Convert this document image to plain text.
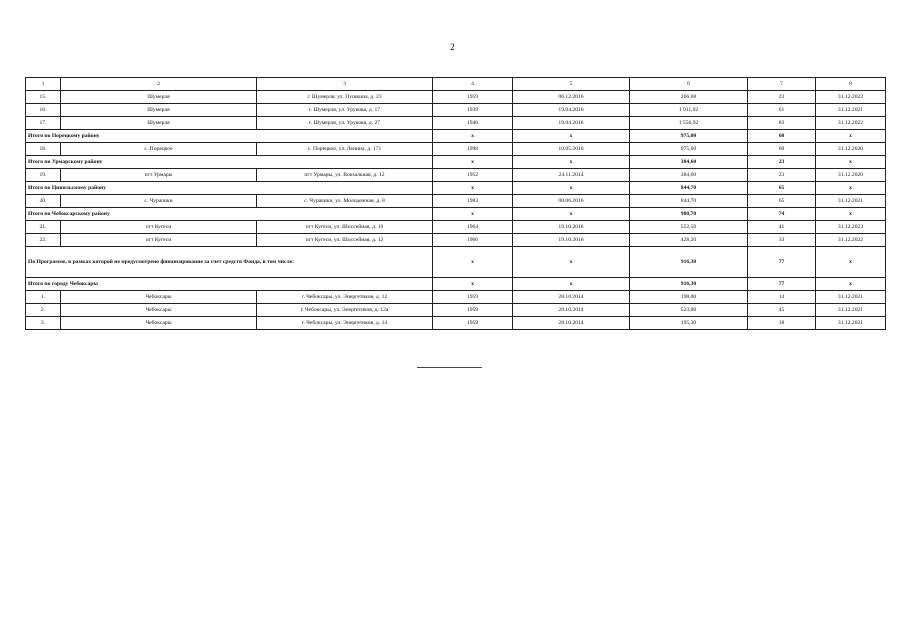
2
1	2	3	4	5	6	7	8
15.	Шумерля	г. Шумерля, ул. Пушкина, д. 23	1959	06.12.2016	266,68	23	31.12.2022
16.	Шумерля	г. Шумерля, ул. Урукова, д. 17	1939	19.04.2016	1 011,02	61	31.12.2021
17.	Шумерля	г. Шумерля, ул. Урукова, д. 27	1946	19.04.2016	1 556,92	83	31.12.2022
Итого по Порецкому району			х	х	975,00	60	х
18.	с. Порецкое	с. Порецкое, ул. Ленина, д. 171	1998	10.05.2016	975,00	60	31.12.2020
Итого по Урмарскому району			х	х	384,60	23	х
19.	пгт Урмары	пгт Урмары, ул. Вокзальная, д. 12	1952	24.11.2014	384,60	23	31.12.2020
Итого по Цивильскому району			х	х	844,70	65	х
20.	с. Чурачики	с. Чурачики, ул. Молодежная, д. 8	1983	08.06.2016	844,70	65	31.12.2021
Итого по Чебоксарскому району			х	х	980,70	74	х
21.	пгт Кугеси	пгт Кугеси, ул. Шоссейная, д. 10	1964	19.10.2016	552,50	41	31.12.2023
22.	пгт Кугеси	пгт Кугеси, ул. Шоссейная, д. 12	1966	19.10.2016	428,20	33	31.12.2022
По Программе, в рамках которой не предусмотрено финансирование за счет средств Фонда, в том числе:			х	х	916,30	77	х
Итого по городу Чебоксары			х	х	916,30	77	х
1.	Чебоксары	г. Чебоксары, ул. Энергетиков, д. 12	1959	28.10.2014	198,00	14	31.12.2021
2.	Чебоксары	г. Чебоксары, ул. Энергетиков, д. 12а	1959	28.10.2014	523,00	45	31.12.2021
3.	Чебоксары	г. Чебоксары, ул. Энергетиков, д. 14	1959	28.10.2014	195,30	18	31.12.2021
